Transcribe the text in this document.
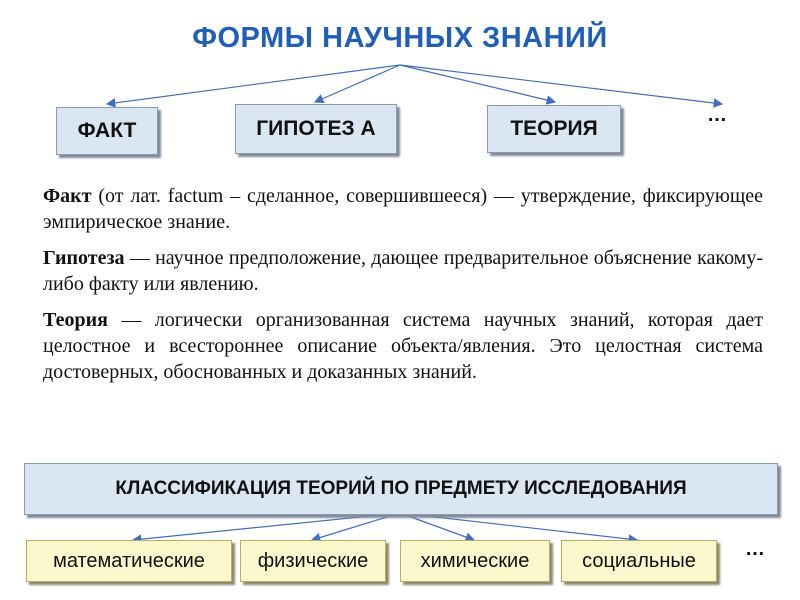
ФОРМЫ НАУЧНЫХ ЗНАНИЙ
ФАКТ	ГИПОТЕЗ А	ТЕОРИЯ
…

Факт (от лат. factum – сделанное, совершившееся) — утверждение, фиксирующее эмпирическое знание.

Гипотеза — научное предположение, дающее предварительное объяснение какому-либо факту или явлению.

Теория — логически организованная система научных знаний, которая дает целостное и всестороннее описание объекта/явления. Это целостная система достоверных, обоснованных и доказанных знаний.

КЛАССИФИКАЦИЯ ТЕОРИЙ ПО ПРЕДМЕТУ ИССЛЕДОВАНИЯ
математические	физические	химические	социальные
…
